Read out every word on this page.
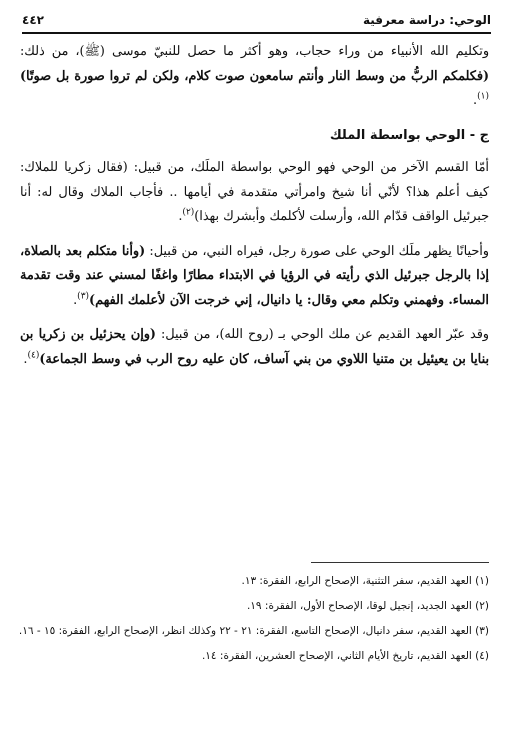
الوحي: دراسة معرفية
٤٤٢

وتكليم الله الأنبياء من وراء حجاب، وهو أكثر ما حصل للنبيّ موسى (ﷺ)، من ذلك: (فكلمكم الربُّ من وسط النار وأنتم سامعون صوت كلام، ولكن لم تروا صورة بل صوتًا)$^{(١)}$.

ج - الوحي بواسطة الملك

أمّا القسم الآخر من الوحي فهو الوحي بواسطة الملَك، من قبيل: (فقال زكريا للملاك: كيف أعلم هذا؟ لأنّي أنا شيخ وامرأتي متقدمة في أيامها .. فأجاب الملاك وقال له: أنا جبرئيل الواقف قدّام الله، وأرسلت لأكلمك وأبشرك بهذا)$^{(٢)}$.

وأحيانًا يظهر ملَك الوحي على صورة رجل، فيراه النبي، من قبيل: (وأنا متكلم بعد بالصلاة، إذا بالرجل جبرئيل الذي رأيته في الرؤيا في الابتداء مطارًا واغفًا لمسني عند وقت تقدمة المساء. وفهمني وتكلم معي وقال: يا دانيال، إني خرجت الآن لأعلمك الفهم)$^{(٣)}$.

وقد عبّر العهد القديم عن ملك الوحي بـ (روح الله)، من قبيل: (وإن يحزئيل بن زكريا بن بنايا بن يعيئيل بن متنيا اللاوي من بني آساف، كان عليه روح الرب في وسط الجماعة)$^{(٤)}$.

(١) العهد القديم، سفر التثنية، الإصحاح الرابع، الفقرة: ١٣.
(٢) العهد الجديد، إنجيل لوقا، الإصحاح الأول، الفقرة: ١٩.
(٣) العهد القديم، سفر دانيال، الإصحاح التاسع، الفقرة: ٢١ - ٢٢ وكذلك انظر، الإصحاح الرابع، الفقرة: ١٥ - ١٦.
(٤) العهد القديم، تاريخ الأيام الثاني، الإصحاح العشرين، الفقرة: ١٤.
